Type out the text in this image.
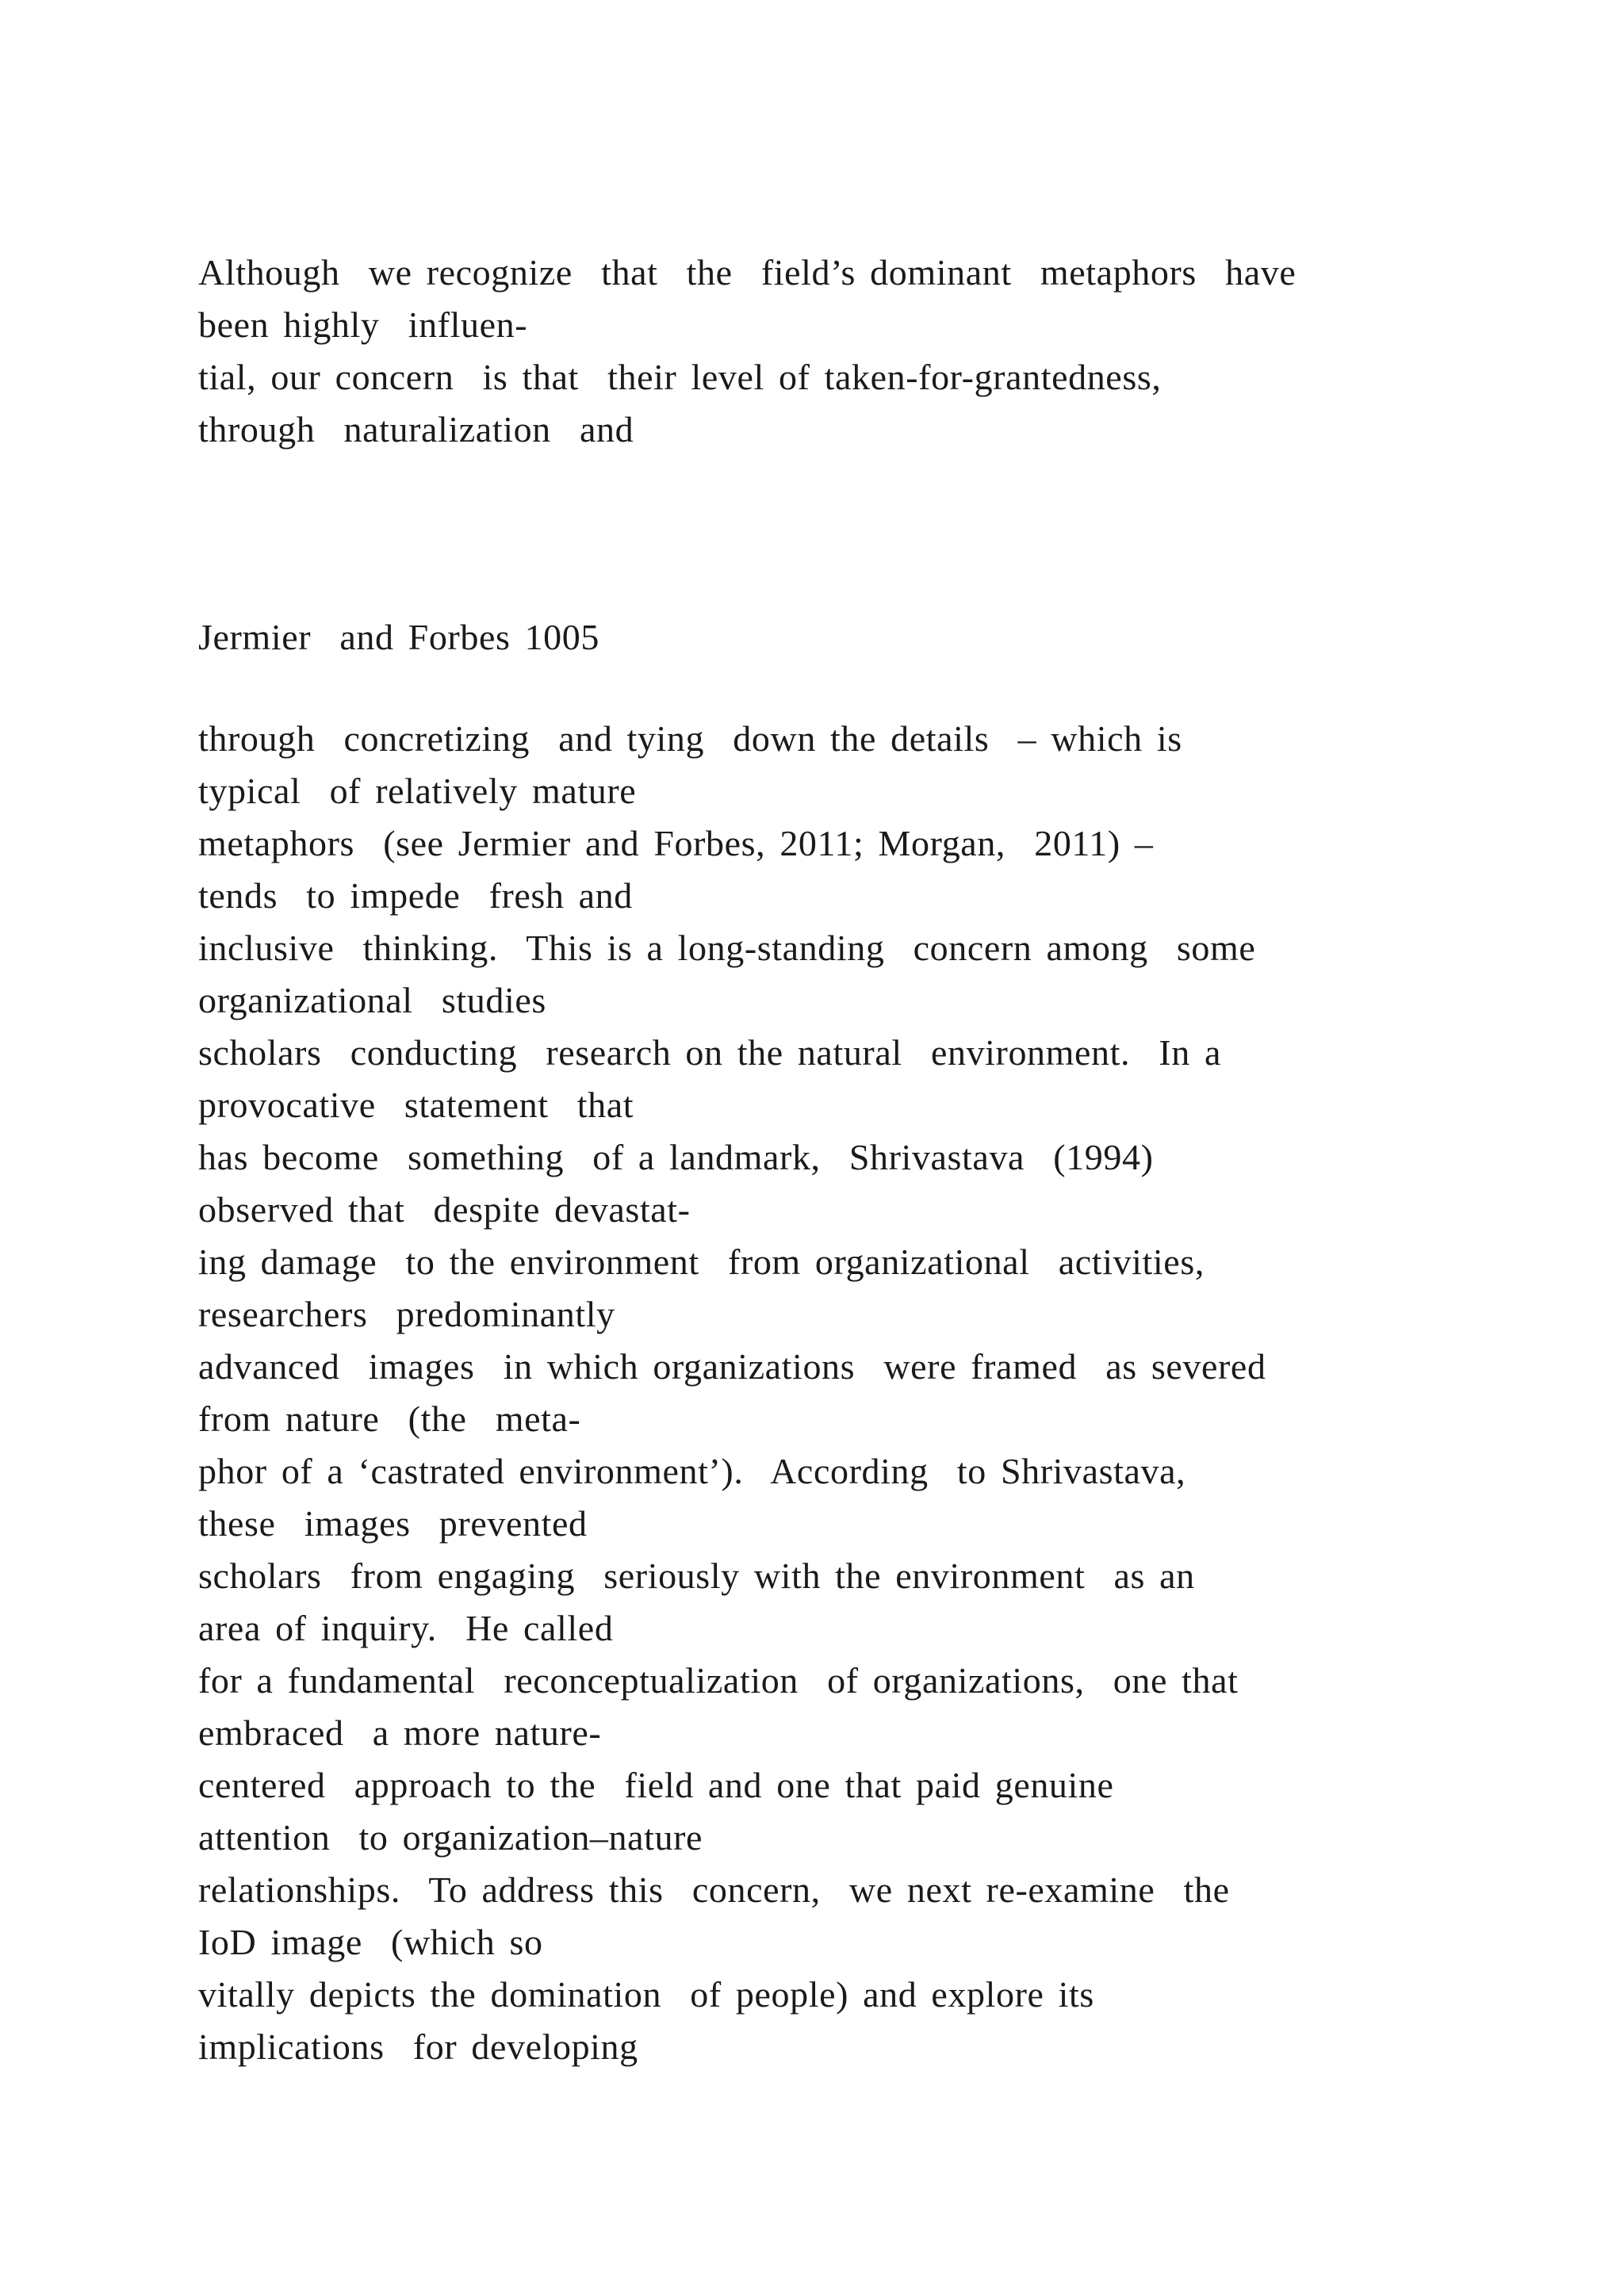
Although  we recognize  that  the  field’s dominant  metaphors  have
been highly  influen-
tial, our concern  is that  their level of taken-for-grantedness,
through  naturalization  and
Jermier  and Forbes 1005
through  concretizing  and tying  down the details  – which is
typical  of relatively mature
metaphors  (see Jermier and Forbes, 2011; Morgan,  2011) –
tends  to impede  fresh and
inclusive  thinking.  This is a long-standing  concern among  some
organizational  studies
scholars  conducting  research on the natural  environment.  In a
provocative  statement  that
has become  something  of a landmark,  Shrivastava  (1994)
observed that  despite devastat-
ing damage  to the environment  from organizational  activities,
researchers  predominantly
advanced  images  in which organizations  were framed  as severed
from nature  (the  meta-
phor of a ‘castrated environment’).  According  to Shrivastava,
these  images  prevented
scholars  from engaging  seriously with the environment  as an
area of inquiry.  He called
for a fundamental  reconceptualization  of organizations,  one that
embraced  a more nature-
centered  approach to the  field and one that paid genuine
attention  to organization–nature
relationships.  To address this  concern,  we next re-examine  the
IoD image  (which so
vitally depicts the domination  of people) and explore its
implications  for developing
